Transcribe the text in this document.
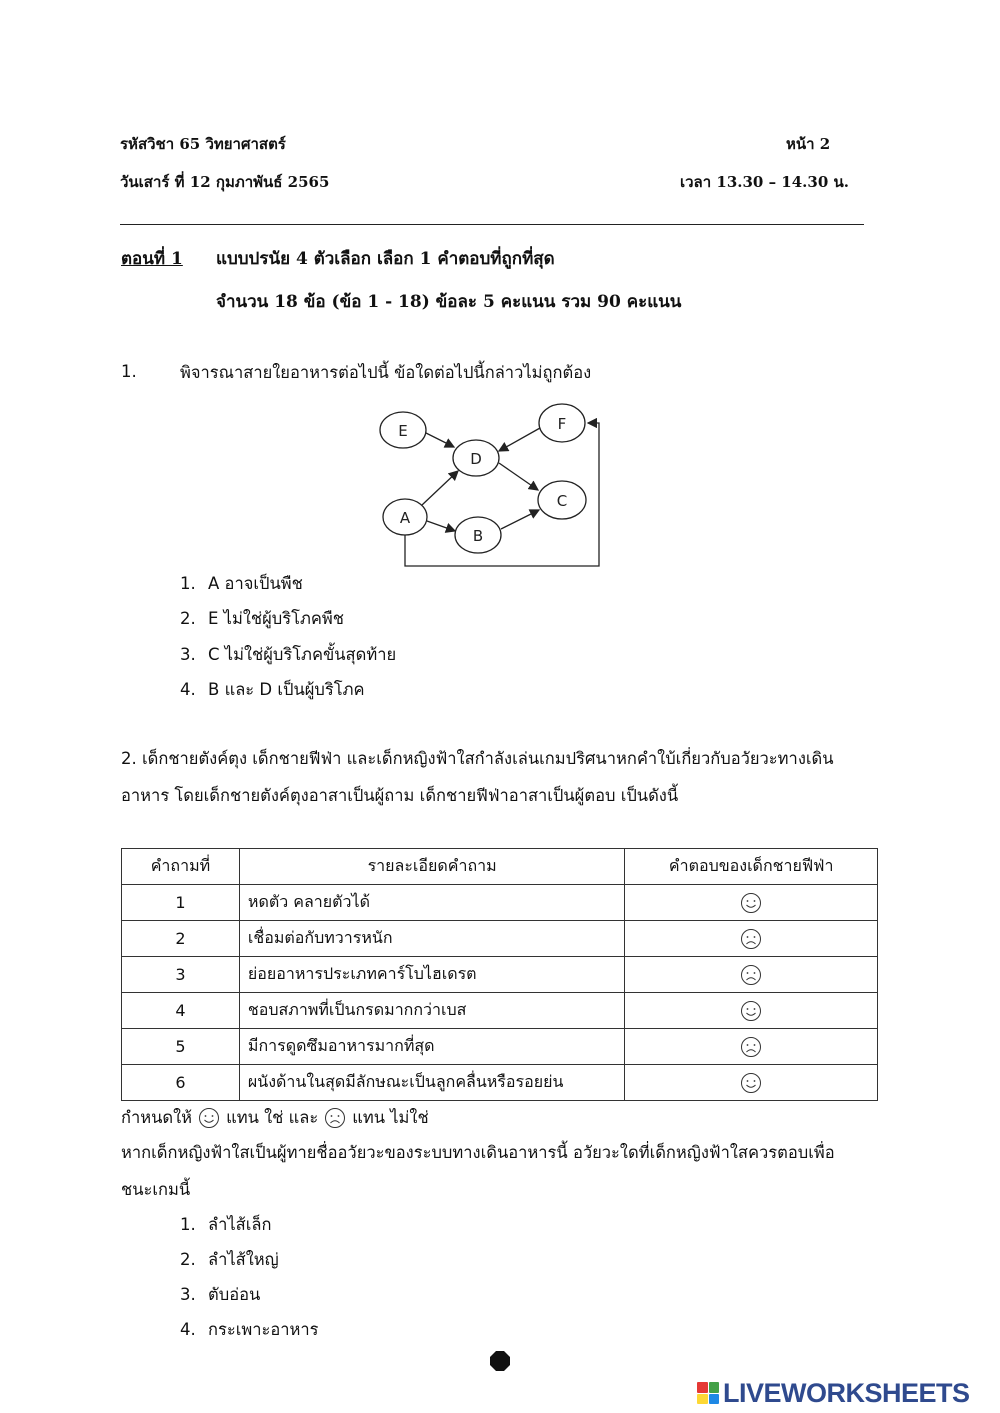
รหัสวิชา 65 วิทยาศาสตร์	หน้า 2
วันเสาร์ ที่ 12 กุมภาพันธ์ 2565	เวลา 13.30 – 14.30 น.
ตอนที่ 1 แบบปรนัย 4 ตัวเลือก เลือก 1 คำตอบที่ถูกที่สุด
จำนวน 18 ข้อ (ข้อ 1 - 18) ข้อละ 5 คะแนน รวม 90 คะแนน
1.	พิจารณาสายใยอาหารต่อไปนี้ ข้อใดต่อไปนี้กล่าวไม่ถูกต้อง
E	F
D
C
A
B
1. A อาจเป็นพืช
2. E ไม่ใช่ผู้บริโภคพืช
3. C ไม่ใช่ผู้บริโภคขั้นสุดท้าย
4. B และ D เป็นผู้บริโภค
2. เด็กชายตังค์ตุง เด็กชายฟีฟ่า และเด็กหญิงฟ้าใสกำลังเล่นเกมปริศนาหกคำใบ้เกี่ยวกับอวัยวะทางเดิน
อาหาร โดยเด็กชายตังค์ตุงอาสาเป็นผู้ถาม เด็กชายฟีฟ่าอาสาเป็นผู้ตอบ เป็นดังนี้
คำถามที่	รายละเอียดคำถาม	คำตอบของเด็กชายฟีฟ่า
1	หดตัว คลายตัวได้	
2	เชื่อมต่อกับทวารหนัก	
3	ย่อยอาหารประเภทคาร์โบไฮเดรต	
4	ชอบสภาพที่เป็นกรดมากกว่าเบส	
5	มีการดูดซึมอาหารมากที่สุด	
6	ผนังด้านในสุดมีลักษณะเป็นลูกคลื่นหรือรอยย่น	
กำหนดให้ แทน ใช่ และ แทน ไม่ใช่
หากเด็กหญิงฟ้าใสเป็นผู้ทายชื่ออวัยวะของระบบทางเดินอาหารนี้ อวัยวะใดที่เด็กหญิงฟ้าใสควรตอบเพื่อ
ชนะเกมนี้
1. ลำไส้เล็ก
2. ลำไส้ใหญ่
3. ตับอ่อน
4. กระเพาะอาหาร
LIVEWORKSHEETS
